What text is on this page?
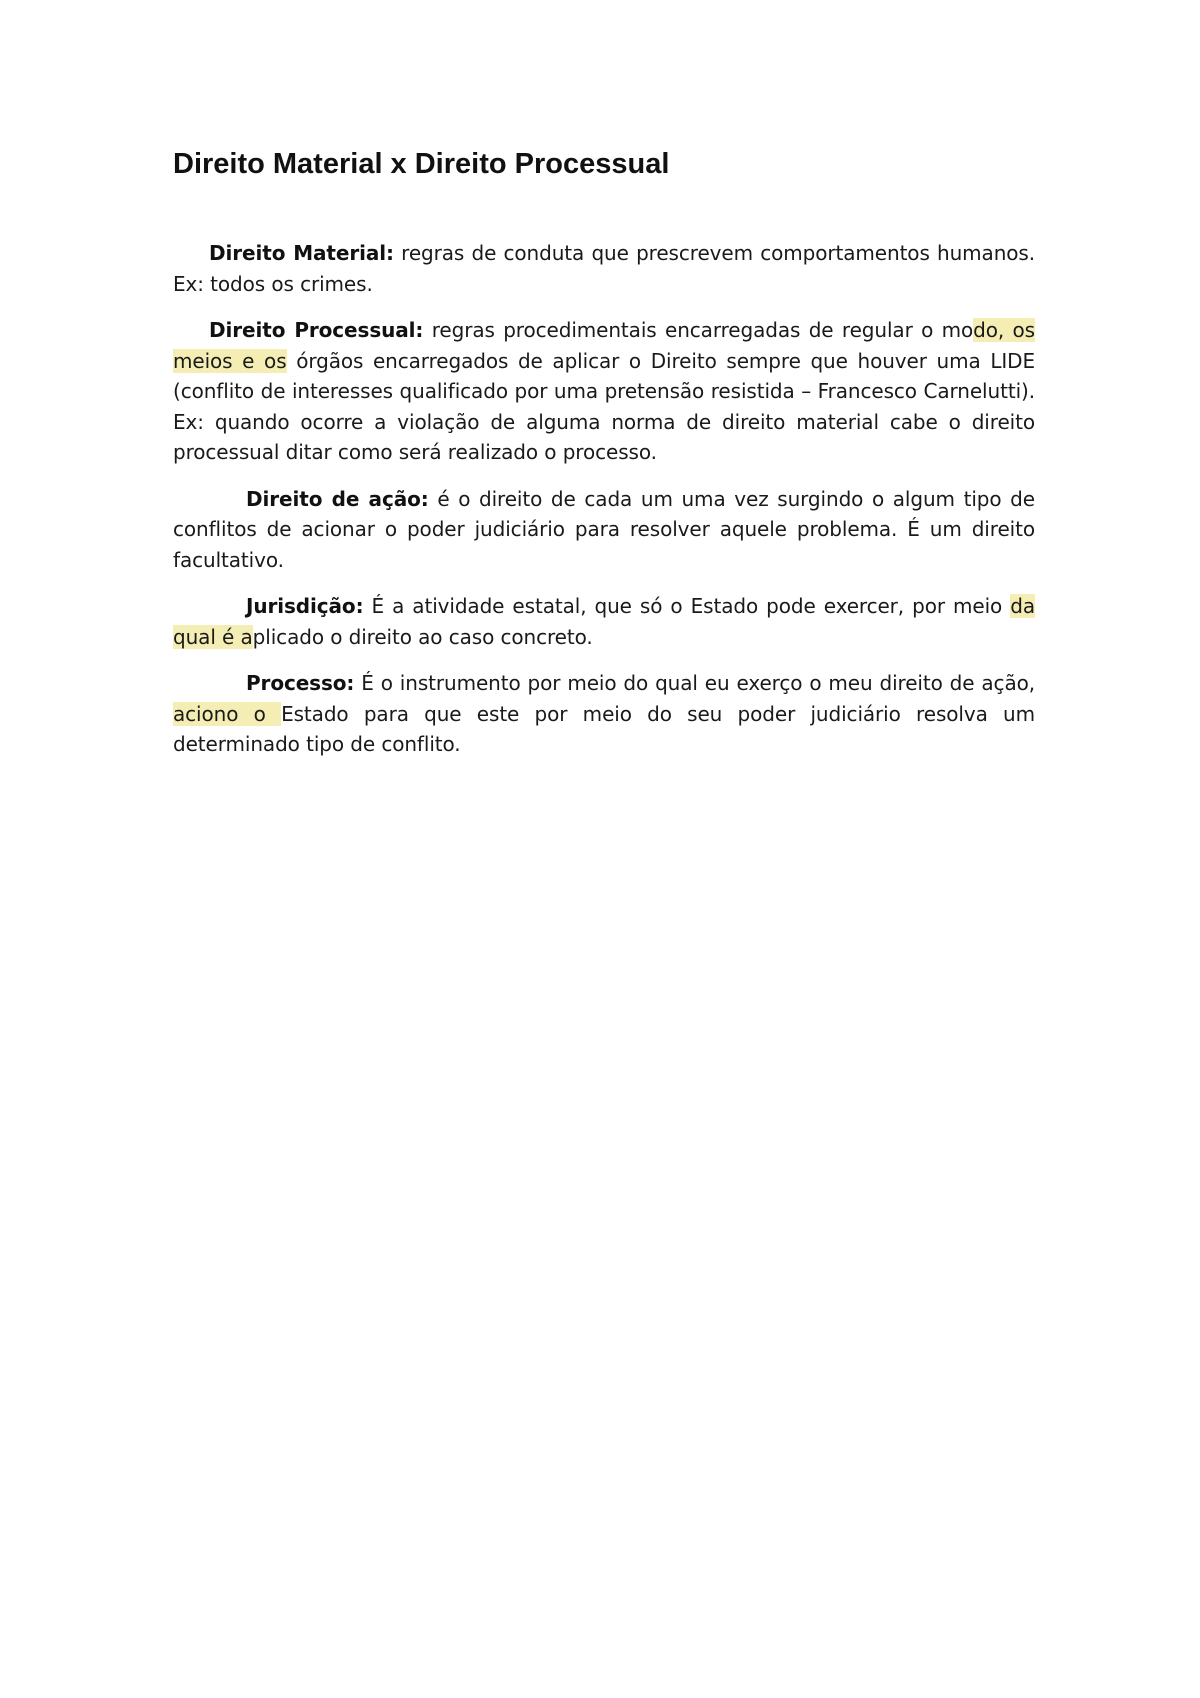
Direito Material x Direito Processual

Direito Material: regras de conduta que prescrevem comportamentos humanos. Ex: todos os crimes.

Direito Processual: regras procedimentais encarregadas de regular o modo, os meios e os órgãos encarregados de aplicar o Direito sempre que houver uma LIDE (conflito de interesses qualificado por uma pretensão resistida – Francesco Carnelutti). Ex: quando ocorre a violação de alguma norma de direito material cabe o direito processual ditar como será realizado o processo.

Direito de ação: é o direito de cada um uma vez surgindo o algum tipo de conflitos de acionar o poder judiciário para resolver aquele problema. É um direito facultativo.

Jurisdição: É a atividade estatal, que só o Estado pode exercer, por meio da qual é aplicado o direito ao caso concreto.

Processo: É o instrumento por meio do qual eu exerço o meu direito de ação, aciono o Estado para que este por meio do seu poder judiciário resolva um determinado tipo de conflito.
